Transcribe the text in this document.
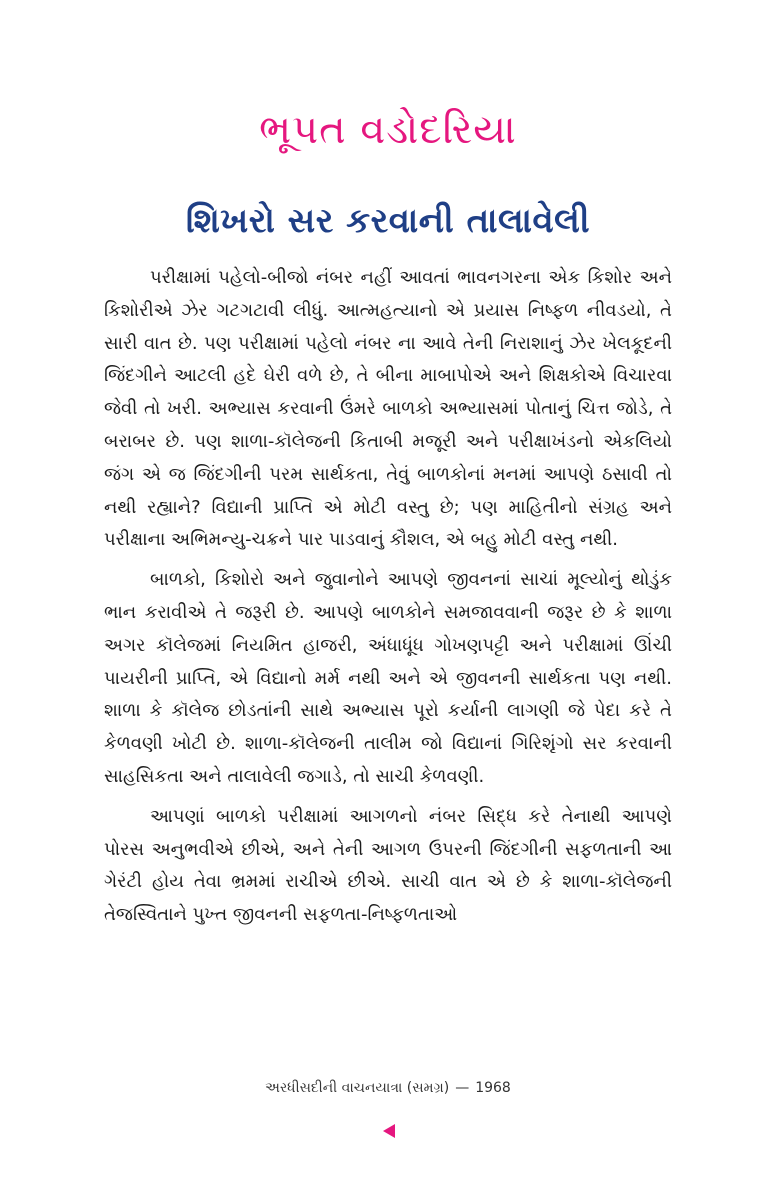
ભૂપત વડોદરિયા
શિખરો સર કરવાની તાલાવેલી

પરીક્ષામાં પહેલો-બીજો નંબર નહીં આવતાં ભાવનગરના એક કિશોર અને કિશોરીએ ઝેર ગટગટાવી લીધું. આત્મહત્યાનો એ પ્રયાસ નિષ્ફળ નીવડયો, તે સારી વાત છે. પણ પરીક્ષામાં પહેલો નંબર ના આવે તેની નિરાશાનું ઝેર ખેલકૂદની જિંદગીને આટલી હદે ઘેરી વળે છે, તે બીના માબાપોએ અને શિક્ષકોએ વિચારવા જેવી તો ખરી. અભ્યાસ કરવાની ઉંમરે બાળકો અભ્યાસમાં પોતાનું ચિત્ત જોડે, તે બરાબર છે. પણ શાળા-કૉલેજની કિતાબી મજૂરી અને પરીક્ષાખંડનો એકલિયો જંગ એ જ જિંદગીની પરમ સાર્થકતા, તેવું બાળકોનાં મનમાં આપણે ઠસાવી તો નથી રહ્યાને? વિદ્યાની પ્રાપ્તિ એ મોટી વસ્તુ છે; પણ માહિતીનો સંગ્રહ અને પરીક્ષાના અભિમન્યુ-ચક્રને પાર પાડવાનું કૌશલ, એ બહુ મોટી વસ્તુ નથી.

બાળકો, કિશોરો અને જુવાનોને આપણે જીવનનાં સાચાં મૂલ્યોનું થોડુંક ભાન કરાવીએ તે જરૂરી છે. આપણે બાળકોને સમજાવવાની જરૂર છે કે શાળા અગર કૉલેજમાં નિયમિત હાજરી, અંધાધૂંધ ગોખણપટ્ટી અને પરીક્ષામાં ઊંચી પાયરીની પ્રાપ્તિ, એ વિદ્યાનો મર્મ નથી અને એ જીવનની સાર્થકતા પણ નથી. શાળા કે કૉલેજ છોડતાંની સાથે અભ્યાસ પૂરો કર્યાની લાગણી જે પેદા કરે તે કેળવણી ખોટી છે. શાળા-કૉલેજની તાલીમ જો વિદ્યાનાં ગિરિશૃંગો સર કરવાની સાહસિકતા અને તાલાવેલી જગાડે, તો સાચી કેળવણી.

આપણાં બાળકો પરીક્ષામાં આગળનો નંબર સિદ્ધ કરે તેનાથી આપણે પોરસ અનુભવીએ છીએ, અને તેની આગળ ઉપરની જિંદગીની સફળતાની આ ગેરંટી હોય તેવા ભ્રમમાં રાચીએ છીએ. સાચી વાત એ છે કે શાળા-કૉલેજની તેજસ્વિતાને પુખ્ત જીવનની સફળતા-નિષ્ફળતાઓ

અરધીસદીની વાચનયાત્રા (સમગ્ર) — 1968
